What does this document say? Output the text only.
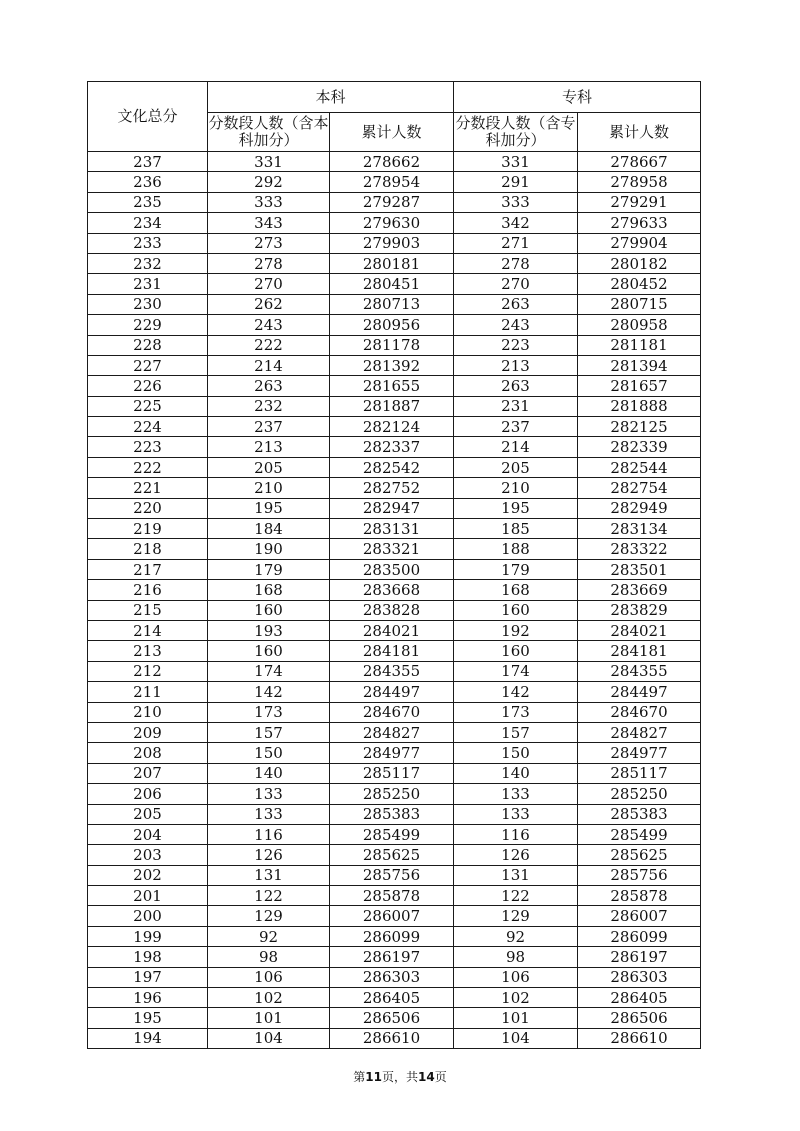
文化总分	本科		专科	
	分数段人数（含本科加分）	累计人数	分数段人数（含专科加分）	累计人数
237	331	278662	331	278667
236	292	278954	291	278958
235	333	279287	333	279291
234	343	279630	342	279633
233	273	279903	271	279904
232	278	280181	278	280182
231	270	280451	270	280452
230	262	280713	263	280715
229	243	280956	243	280958
228	222	281178	223	281181
227	214	281392	213	281394
226	263	281655	263	281657
225	232	281887	231	281888
224	237	282124	237	282125
223	213	282337	214	282339
222	205	282542	205	282544
221	210	282752	210	282754
220	195	282947	195	282949
219	184	283131	185	283134
218	190	283321	188	283322
217	179	283500	179	283501
216	168	283668	168	283669
215	160	283828	160	283829
214	193	284021	192	284021
213	160	284181	160	284181
212	174	284355	174	284355
211	142	284497	142	284497
210	173	284670	173	284670
209	157	284827	157	284827
208	150	284977	150	284977
207	140	285117	140	285117
206	133	285250	133	285250
205	133	285383	133	285383
204	116	285499	116	285499
203	126	285625	126	285625
202	131	285756	131	285756
201	122	285878	122	285878
200	129	286007	129	286007
199	92	286099	92	286099
198	98	286197	98	286197
197	106	286303	106	286303
196	102	286405	102	286405
195	101	286506	101	286506
194	104	286610	104	286610
第11页，共14页
